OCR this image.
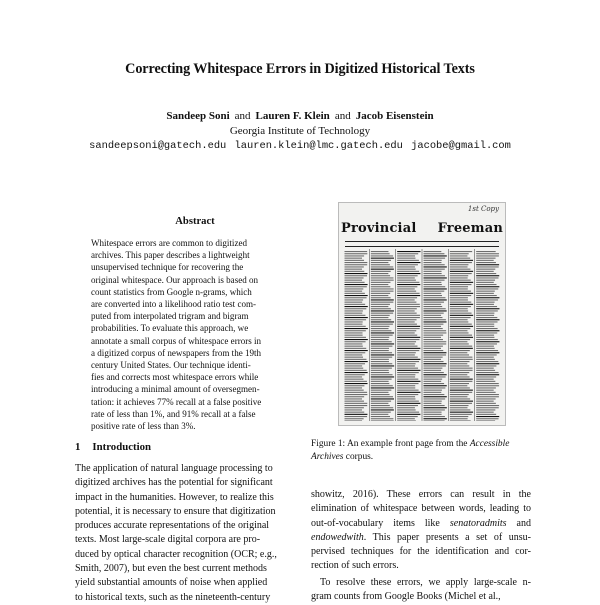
Correcting Whitespace Errors in Digitized Historical Texts
Sandeep Soni and Lauren F. Klein and Jacob Eisenstein
Georgia Institute of Technology
sandeepsoni@gatech.edu lauren.klein@lmc.gatech.edu jacobe@gmail.com
Abstract
Whitespace errors are common to digitized
archives. This paper describes a lightweight
unsupervised technique for recovering the
original whitespace. Our approach is based on
count statistics from Google n-grams, which
are converted into a likelihood ratio test com-
puted from interpolated trigram and bigram
probabilities. To evaluate this approach, we
annotate a small corpus of whitespace errors in
a digitized corpus of newspapers from the 19th
century United States. Our technique identi-
fies and corrects most whitespace errors while
introducing a minimal amount of oversegmen-
tation: it achieves 77% recall at a false positive
rate of less than 1%, and 91% recall at a false
positive rate of less than 3%.
1 Introduction
The application of natural language processing to
digitized archives has the potential for significant
impact in the humanities. However, to realize this
potential, it is necessary to ensure that digitization
produces accurate representations of the original
texts. Most large-scale digital corpora are pro-
duced by optical character recognition (OCR; e.g.,
Smith, 2007), but even the best current methods
yield substantial amounts of noise when applied
to historical texts, such as the nineteenth-century
1st Copy
Provincial Freeman
Figure 1: An example front page from the Accessible Archives corpus.

showitz, 2016). These errors can result in the elimination of whitespace between words, leading to out-of-vocabulary items like senatoradmits and endowedwith. This paper presents a set of unsu- pervised techniques for the identification and cor- rection of such errors.

To resolve these errors, we apply large-scale n- gram counts from Google Books (Michel et al.,
